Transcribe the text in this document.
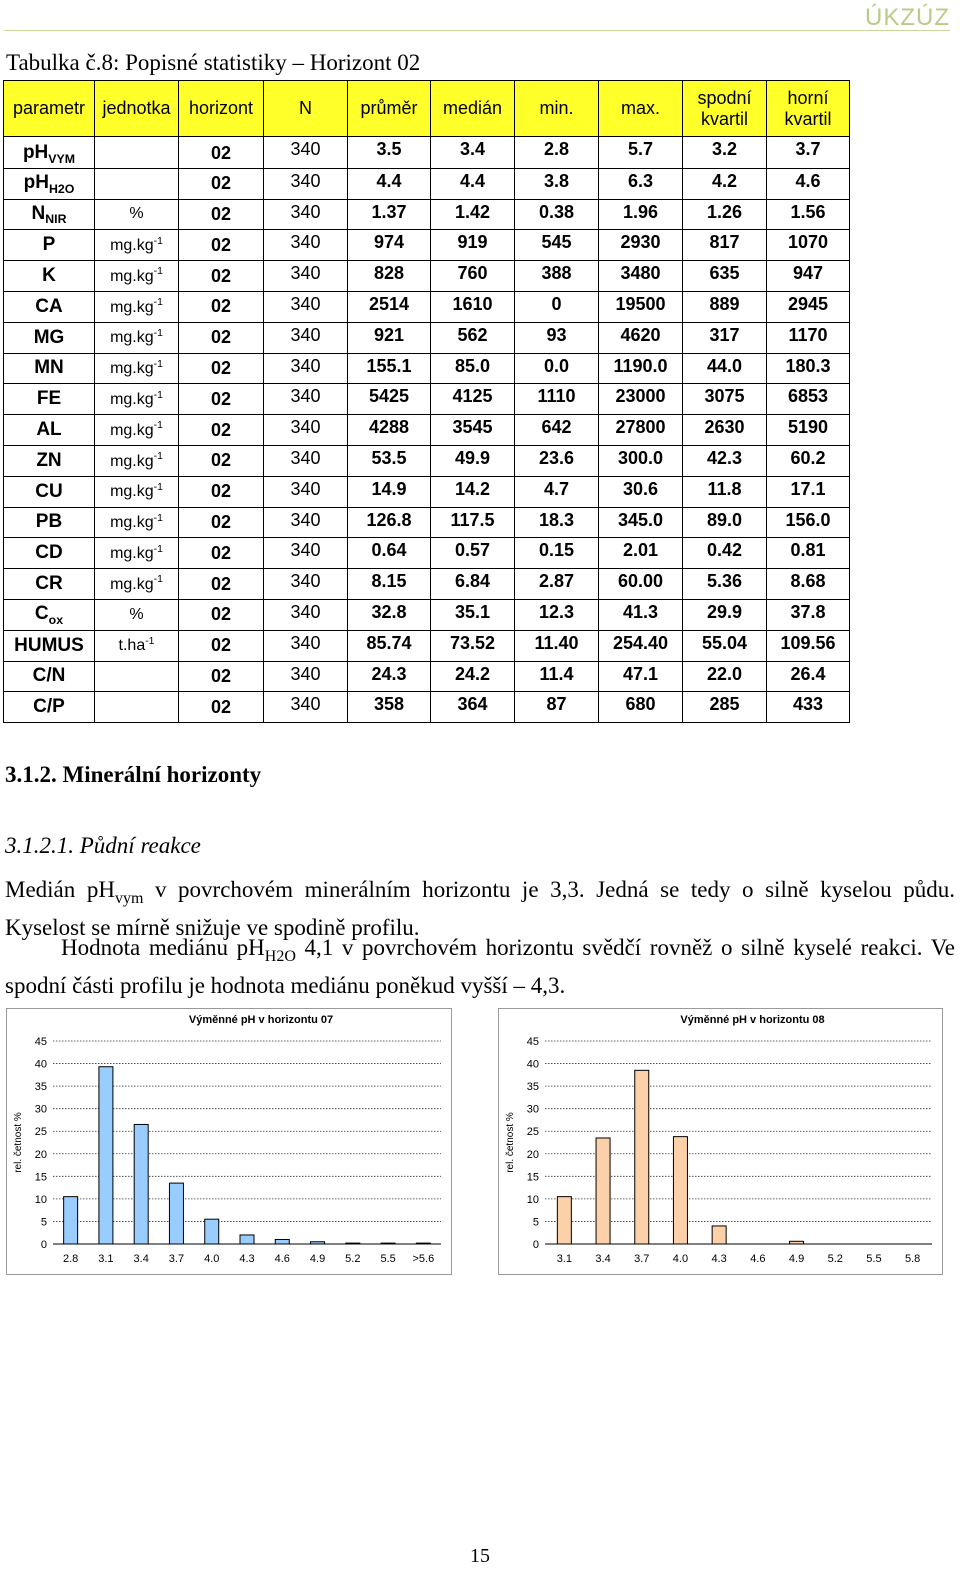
ÚKZÚZ
Tabulka č.8: Popisné statistiky – Horizont 02
parametr	jednotka	horizont	N	průměr	medián	min.	max.	spodní kvartil	horní kvartil
$pH_{VYM}$		02	340	3.5	3.4	2.8	5.7	3.2	3.7
$pH_{H2O}$		02	340	4.4	4.4	3.8	6.3	4.2	4.6
$N_{NIR}$	%	02	340	1.37	1.42	0.38	1.96	1.26	1.56
P	$mg.kg^{-1}$	02	340	974	919	545	2930	817	1070
K	$mg.kg^{-1}$	02	340	828	760	388	3480	635	947
CA	$mg.kg^{-1}$	02	340	2514	1610	0	19500	889	2945
MG	$mg.kg^{-1}$	02	340	921	562	93	4620	317	1170
MN	$mg.kg^{-1}$	02	340	155.1	85.0	0.0	1190.0	44.0	180.3
FE	$mg.kg^{-1}$	02	340	5425	4125	1110	23000	3075	6853
AL	$mg.kg^{-1}$	02	340	4288	3545	642	27800	2630	5190
ZN	$mg.kg^{-1}$	02	340	53.5	49.9	23.6	300.0	42.3	60.2
CU	$mg.kg^{-1}$	02	340	14.9	14.2	4.7	30.6	11.8	17.1
PB	$mg.kg^{-1}$	02	340	126.8	117.5	18.3	345.0	89.0	156.0
CD	$mg.kg^{-1}$	02	340	0.64	0.57	0.15	2.01	0.42	0.81
CR	$mg.kg^{-1}$	02	340	8.15	6.84	2.87	60.00	5.36	8.68
$C_{ox}$	%	02	340	32.8	35.1	12.3	41.3	29.9	37.8
HUMUS	$t.ha^{-1}$	02	340	85.74	73.52	11.40	254.40	55.04	109.56
C/N		02	340	24.3	24.2	11.4	47.1	22.0	26.4
C/P		02	340	358	364	87	680	285	433
3.1.2. Minerální horizonty
3.1.2.1. Půdní reakce
Medián $pH_{vym}$ v povrchovém minerálním horizontu je 3,3. Jedná se tedy o silně kyselou půdu. Kyselost se mírně snižuje ve spodině profilu.
Hodnota mediánu $pH_{H2O}$ 4,1 v povrchovém horizontu svědčí rovněž o silně kyselé reakci. Ve spodní části profilu je hodnota mediánu poněkud vyšší – 4,3.
Výměnné pH v horizontu 07
rel. četnost %
0
5
10
15
20
25
30
35
40
45
2.8 3.1 3.4 3.7 4.0 4.3 4.6 4.9 5.2 5.5 >5.6
Výměnné pH v horizontu 08
rel. četnost %
0
5
10
15
20
25
30
35
40
45
3.1 3.4 3.7 4.0 4.3 4.6 4.9 5.2 5.5 5.8
15
